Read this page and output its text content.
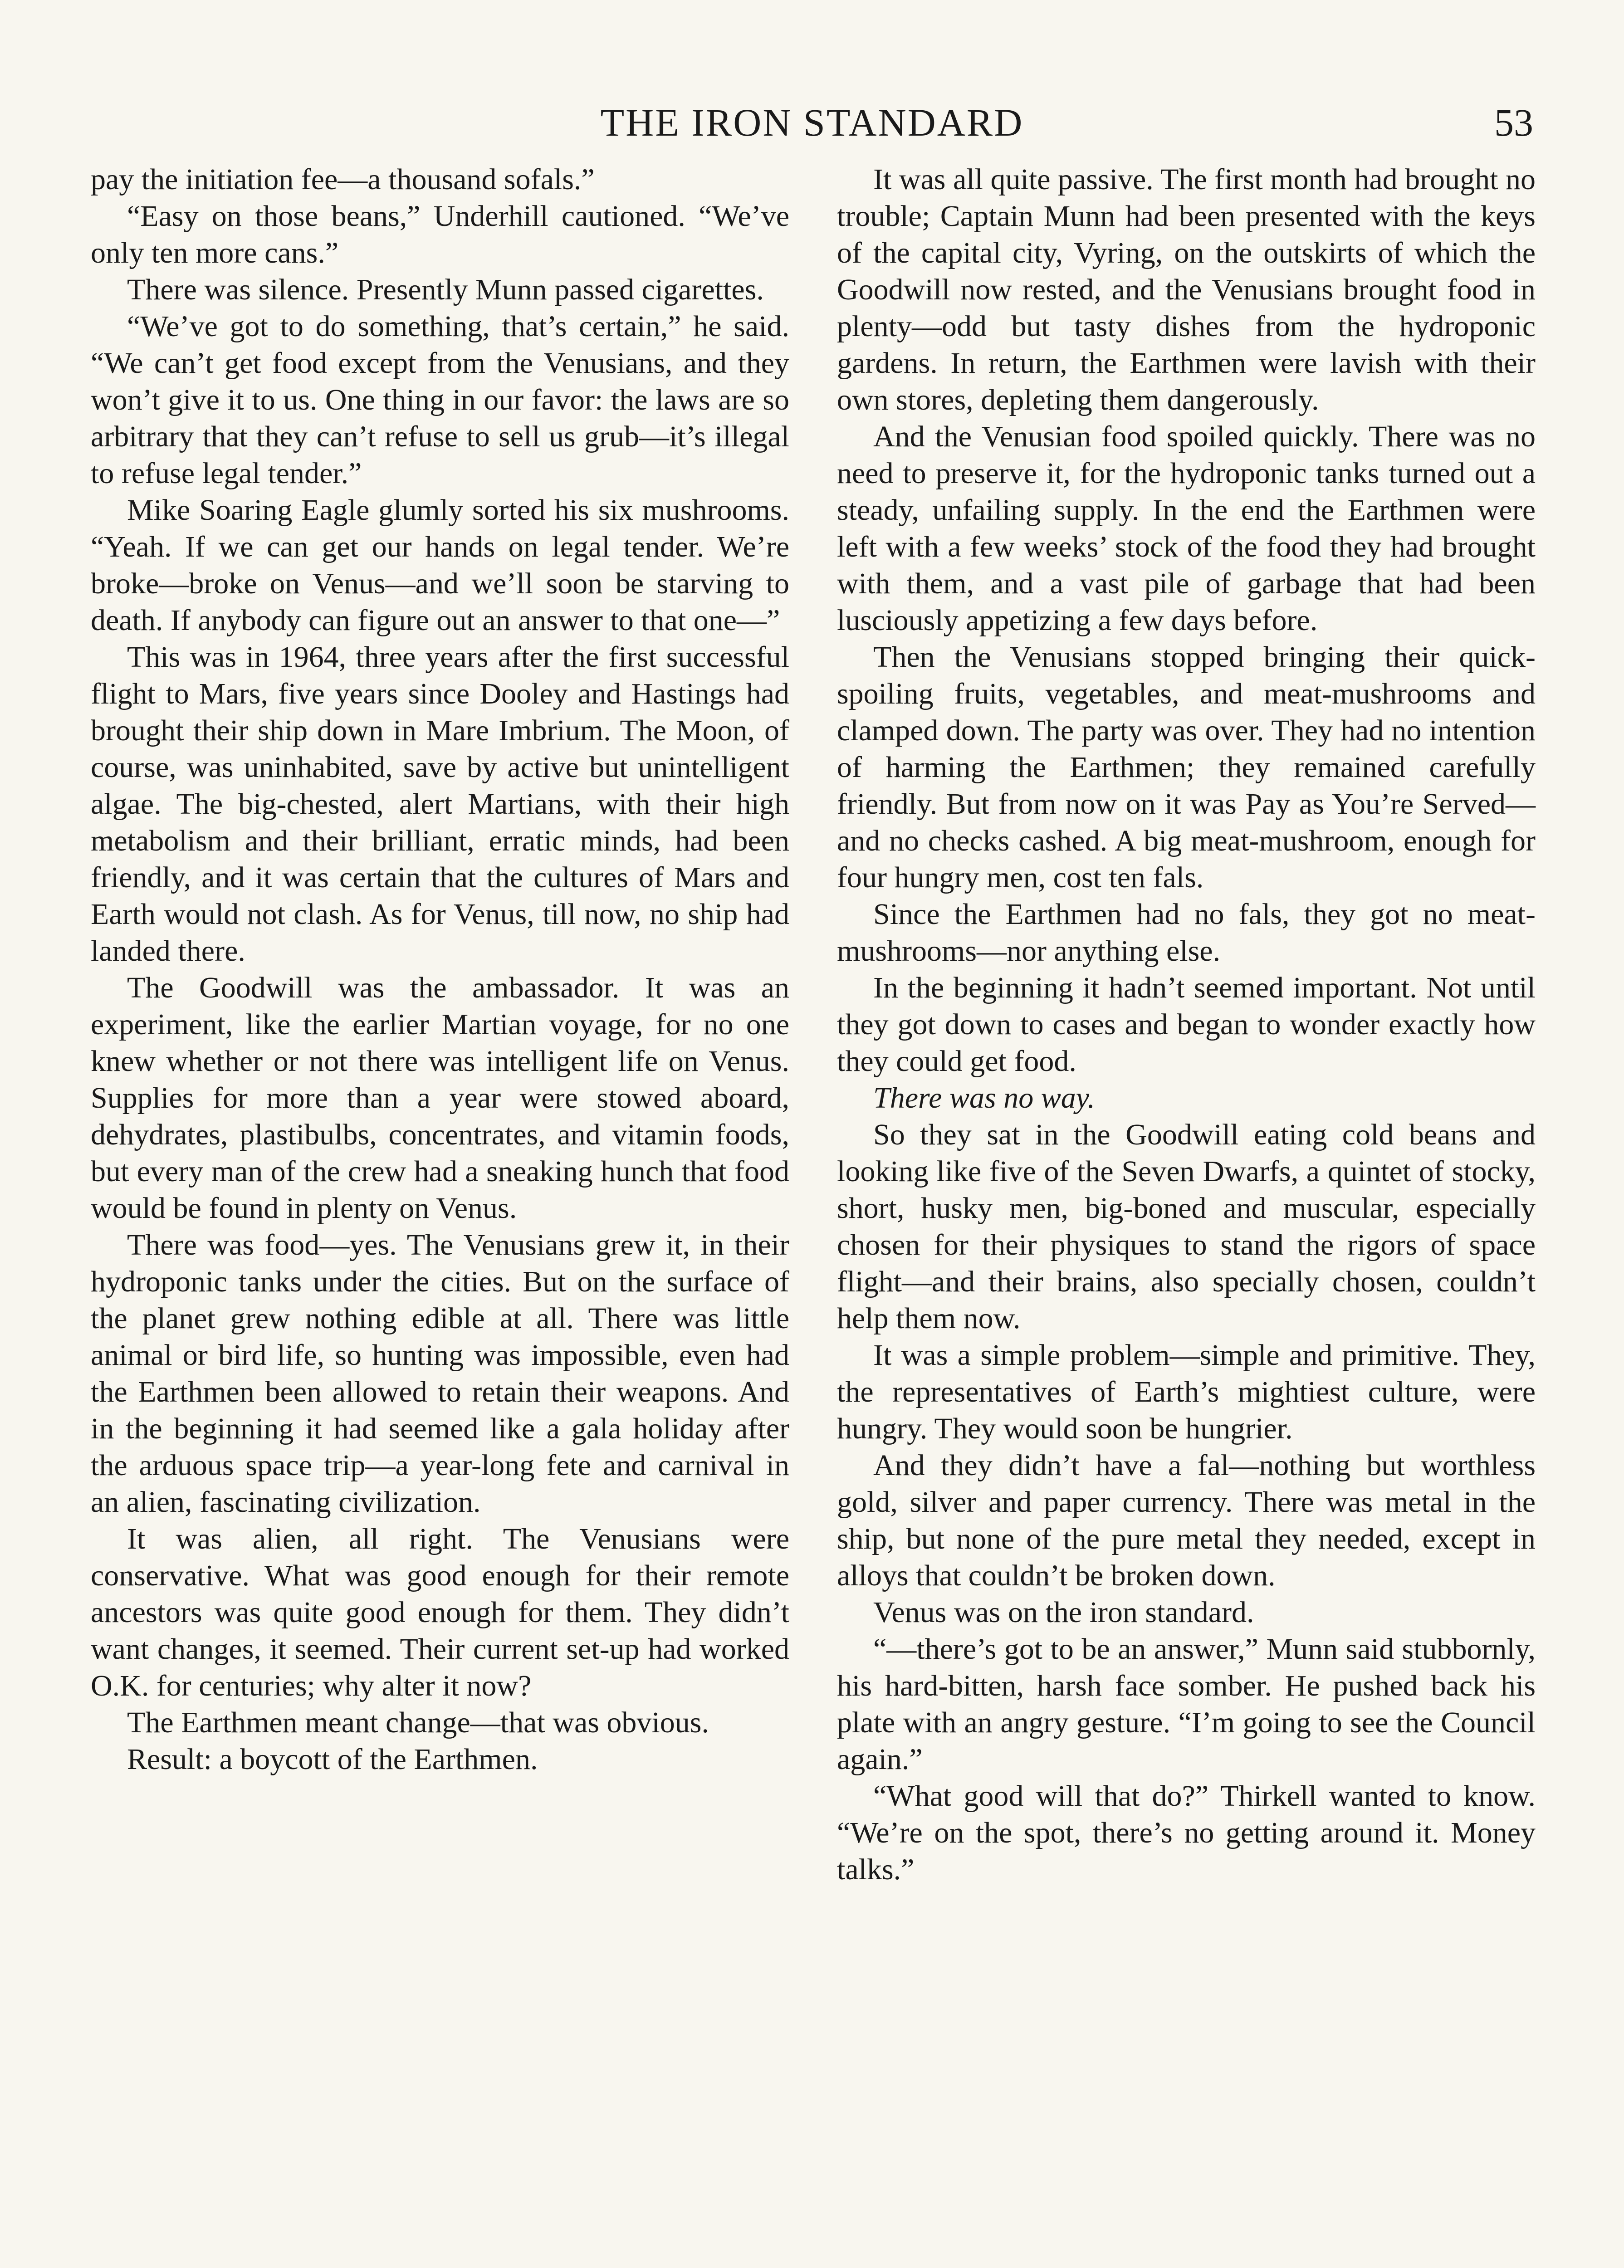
THE IRON STANDARD	53

pay the initiation fee—a thousand sofals.”

“Easy on those beans,” Underhill cautioned. “We’ve only ten more cans.”

There was silence. Presently Munn passed cigarettes.

“We’ve got to do something, that’s certain,” he said. “We can’t get food except from the Venusians, and they won’t give it to us. One thing in our favor: the laws are so arbitrary that they can’t refuse to sell us grub—it’s illegal to refuse legal tender.”

Mike Soaring Eagle glumly sorted his six mushrooms. “Yeah. If we can get our hands on legal tender. We’re broke—broke on Venus—and we’ll soon be starving to death. If anybody can figure out an answer to that one—”

This was in 1964, three years after the first successful flight to Mars, five years since Dooley and Hastings had brought their ship down in Mare Imbrium. The Moon, of course, was uninhabited, save by active but unintelligent algae. The big-chested, alert Martians, with their high metabolism and their brilliant, erratic minds, had been friendly, and it was certain that the cultures of Mars and Earth would not clash. As for Venus, till now, no ship had landed there.

The Goodwill was the ambassador. It was an experiment, like the earlier Martian voyage, for no one knew whether or not there was intelligent life on Venus. Supplies for more than a year were stowed aboard, dehydrates, plastibulbs, concentrates, and vitamin foods, but every man of the crew had a sneaking hunch that food would be found in plenty on Venus.

There was food—yes. The Venusians grew it, in their hydroponic tanks under the cities. But on the surface of the planet grew nothing edible at all. There was little animal or bird life, so hunting was impossible, even had the Earthmen been allowed to retain their weapons. And in the beginning it had seemed like a gala holiday after the arduous space trip—a year-long fete and carnival in an alien, fascinating civilization.

It was alien, all right. The Venusians were conservative. What was good enough for their remote ancestors was quite good enough for them. They didn’t want changes, it seemed. Their current set-up had worked O.K. for centuries; why alter it now?

The Earthmen meant change—that was obvious.

Result: a boycott of the Earthmen.

It was all quite passive. The first month had brought no trouble; Captain Munn had been presented with the keys of the capital city, Vyring, on the outskirts of which the Goodwill now rested, and the Venusians brought food in plenty—odd but tasty dishes from the hydroponic gardens. In return, the Earthmen were lavish with their own stores, depleting them dangerously.

And the Venusian food spoiled quickly. There was no need to preserve it, for the hydroponic tanks turned out a steady, unfailing supply. In the end the Earthmen were left with a few weeks’ stock of the food they had brought with them, and a vast pile of garbage that had been lusciously appetizing a few days before.

Then the Venusians stopped bringing their quick-spoiling fruits, vegetables, and meat-mushrooms and clamped down. The party was over. They had no intention of harming the Earthmen; they remained carefully friendly. But from now on it was Pay as You’re Served—and no checks cashed. A big meat-mushroom, enough for four hungry men, cost ten fals.

Since the Earthmen had no fals, they got no meat-mushrooms—nor anything else.

In the beginning it hadn’t seemed important. Not until they got down to cases and began to wonder exactly how they could get food.

There was no way.

So they sat in the Goodwill eating cold beans and looking like five of the Seven Dwarfs, a quintet of stocky, short, husky men, big-boned and muscular, especially chosen for their physiques to stand the rigors of space flight—and their brains, also specially chosen, couldn’t help them now.

It was a simple problem—simple and primitive. They, the representatives of Earth’s mightiest culture, were hungry. They would soon be hungrier.

And they didn’t have a fal—nothing but worthless gold, silver and paper currency. There was metal in the ship, but none of the pure metal they needed, except in alloys that couldn’t be broken down.

Venus was on the iron standard.

“—there’s got to be an answer,” Munn said stubbornly, his hard-bitten, harsh face somber. He pushed back his plate with an angry gesture. “I’m going to see the Council again.”

“What good will that do?” Thirkell wanted to know. “We’re on the spot, there’s no getting around it. Money talks.”
